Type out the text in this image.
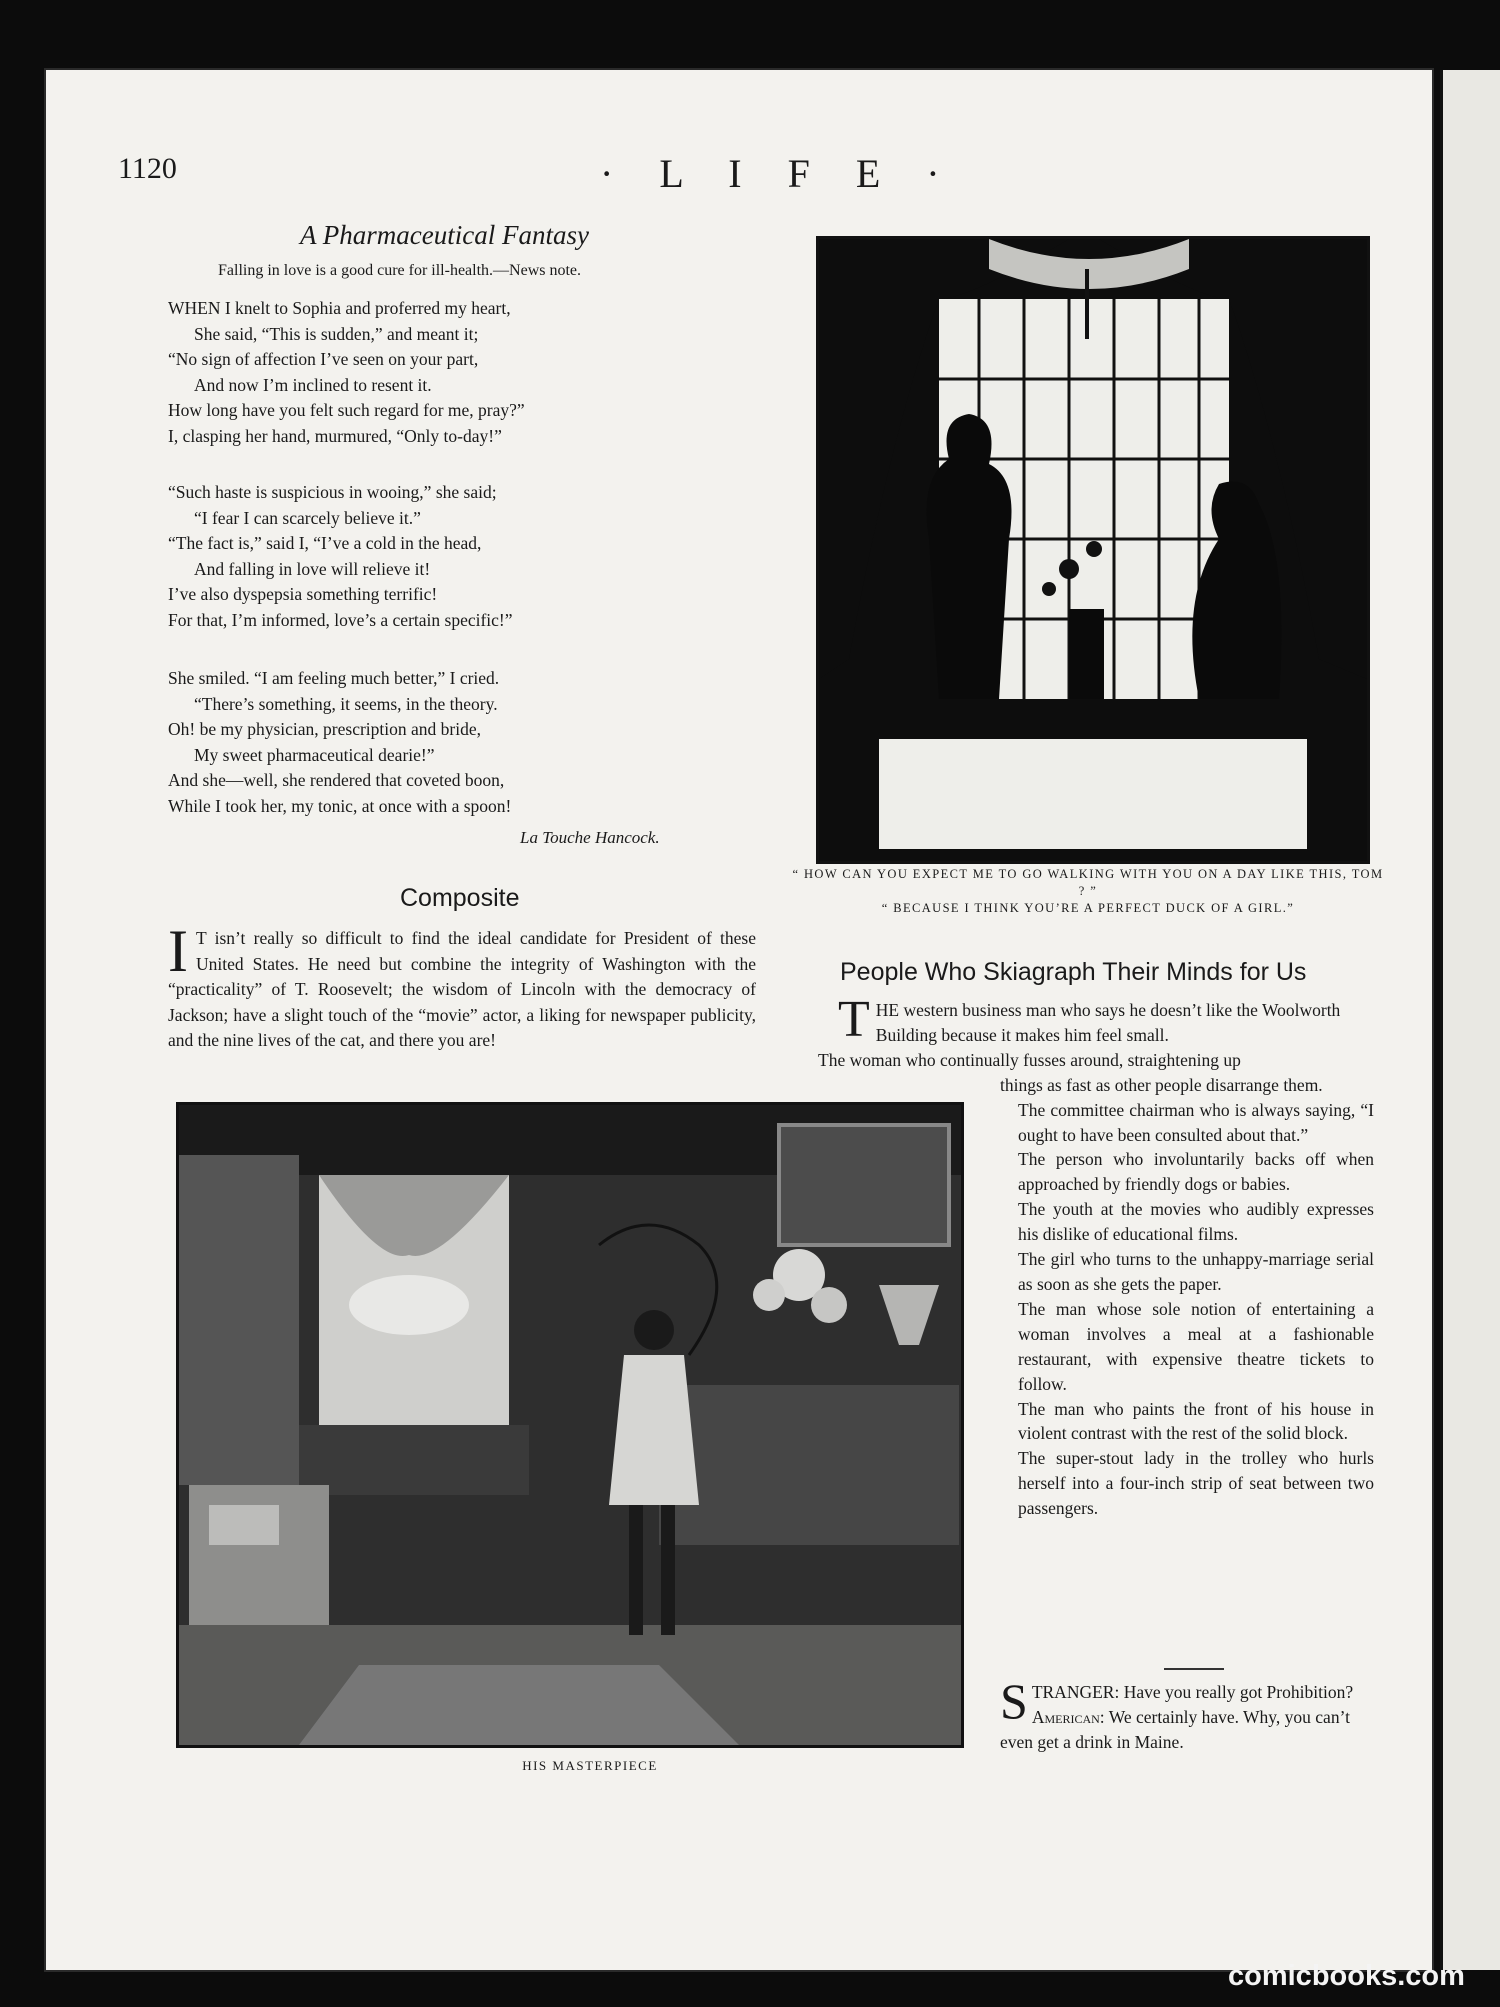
1120	· L I F E ·
A Pharmaceutical Fantasy
Falling in love is a good cure for ill-health.—News note.
WHEN I knelt to Sophia and proferred my heart,
She said, “This is sudden,” and meant it;
“No sign of affection I’ve seen on your part,
And now I’m inclined to resent it.
How long have you felt such regard for me, pray?”
I, clasping her hand, murmured, “Only to-day!”
“Such haste is suspicious in wooing,” she said;
“I fear I can scarcely believe it.”
“The fact is,” said I, “I’ve a cold in the head,
And falling in love will relieve it!
I’ve also dyspepsia something terrific!
For that, I’m informed, love’s a certain specific!”
She smiled. “I am feeling much better,” I cried.
“There’s something, it seems, in the theory.
Oh! be my physician, prescription and bride,
My sweet pharmaceutical dearie!”
And she—well, she rendered that coveted boon,
While I took her, my tonic, at once with a spoon!
La Touche Hancock.
Composite
I T isn’t really so difficult to find the ideal candidate for President of these United States. He need but combine the integrity of Washington with the “practicality” of T. Roosevelt; the wisdom of Lincoln with the democracy of Jackson; have a slight touch of the “movie” actor, a liking for newspaper publicity, and the nine lives of the cat, and there you are!
“ HOW CAN YOU EXPECT ME TO GO WALKING WITH YOU ON A DAY LIKE THIS, TOM ? ”
“ BECAUSE I THINK YOU’RE A PERFECT DUCK OF A GIRL.”
People Who Skiagraph Their Minds for Us

THE western business man who says he doesn’t like the Woolworth Building because it makes him feel small.

The woman who continually fusses around, straightening up

things as fast as other people disarrange them.

The committee chairman who is always saying, “I ought to have been consulted about that.”

The person who involuntarily backs off when approached by friendly dogs or babies.

The youth at the movies who audibly expresses his dislike of educational films.

The girl who turns to the unhappy-marriage serial as soon as she gets the paper.

The man whose sole notion of entertaining a woman involves a meal at a fashionable restaurant, with expensive theatre tickets to follow.

The man who paints the front of his house in violent contrast with the rest of the solid block.

The super-stout lady in the trolley who hurls herself into a four-inch strip of seat between two passengers.

HIS MASTERPIECE
STRANGER: Have you really got Prohibition?
American: We certainly have. Why, you can’t even get a drink in Maine.
comicbooks.com
